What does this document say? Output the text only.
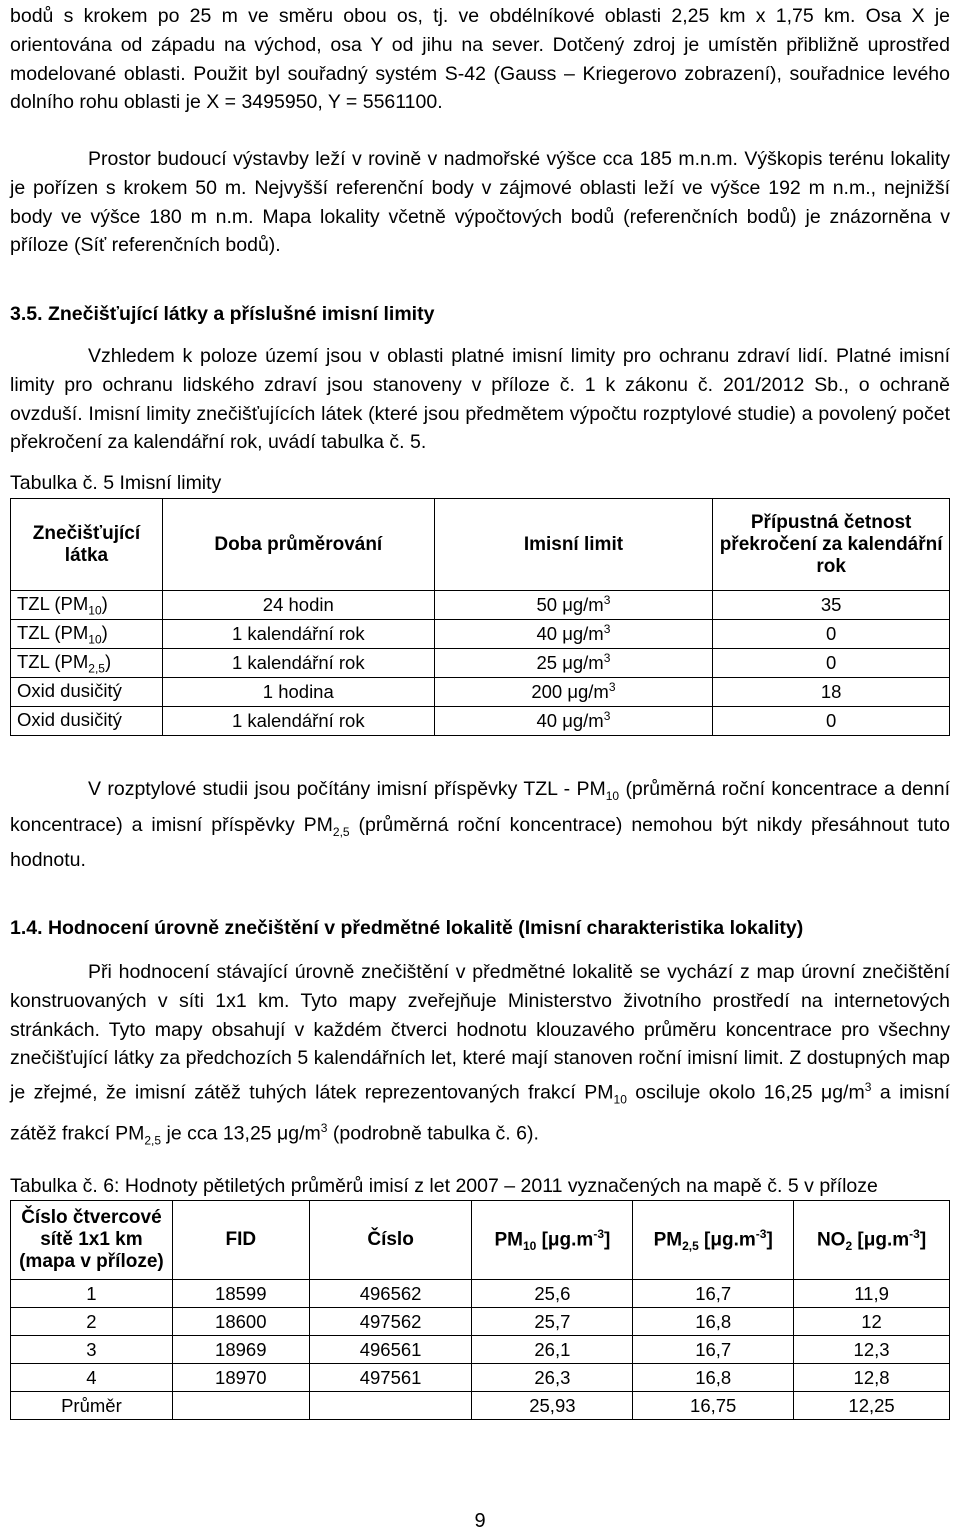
bodů s krokem po 25 m ve směru obou os, tj. ve obdélníkové oblasti 2,25 km x 1,75 km. Osa X je orientována od západu na východ, osa Y od jihu na sever. Dotčený zdroj je umístěn přibližně uprostřed modelované oblasti. Použit byl souřadný systém S-42 (Gauss – Kriegerovo zobrazení), souřadnice levého dolního rohu oblasti je X = 3495950, Y = 5561100.
Prostor budoucí výstavby leží v rovině v nadmořské výšce cca 185 m.n.m. Výškopis terénu lokality je pořízen s krokem 50 m. Nejvyšší referenční body v zájmové oblasti leží ve výšce 192 m n.m., nejnižší body ve výšce 180 m n.m. Mapa lokality včetně výpočtových bodů (referenčních bodů) je znázorněna v příloze (Síť referenčních bodů).
3.5. Znečišťující látky a příslušné imisní limity
Vzhledem k poloze území jsou v oblasti platné imisní limity pro ochranu zdraví lidí. Platné imisní limity pro ochranu lidského zdraví jsou stanoveny v příloze č. 1 k zákonu č. 201/2012 Sb., o ochraně ovzduší. Imisní limity znečišťujících látek (které jsou předmětem výpočtu rozptylové studie) a povolený počet překročení za kalendářní rok, uvádí tabulka č. 5.
Tabulka č. 5 Imisní limity
Znečišťující látka	Doba průměrování	Imisní limit	Přípustná četnost překročení za kalendářní rok
TZL $(PM_{10})$	24 hodin	50 $\mu g/m^3$	35
TZL $(PM_{10})$	1 kalendářní rok	40 $\mu g/m^3$	0
TZL $(PM_{2,5})$	1 kalendářní rok	25 $\mu g/m^3$	0
Oxid dusičitý	1 hodina	200 $\mu g/m^3$	18
Oxid dusičitý	1 kalendářní rok	40 $\mu g/m^3$	0
V rozptylové studii jsou počítány imisní příspěvky TZL - $PM_{10}$ (průměrná roční koncentrace a denní koncentrace) a imisní příspěvky $PM_{2,5}$ (průměrná roční koncentrace) nemohou být nikdy přesáhnout tuto hodnotu.
1.4. Hodnocení úrovně znečištění v předmětné lokalitě (Imisní charakteristika lokality)
Při hodnocení stávající úrovně znečištění v předmětné lokalitě se vychází z map úrovní znečištění konstruovaných v síti 1x1 km. Tyto mapy zveřejňuje Ministerstvo životního prostředí na internetových stránkách. Tyto mapy obsahují v každém čtverci hodnotu klouzavého průměru koncentrace pro všechny znečišťující látky za předchozích 5 kalendářních let, které mají stanoven roční imisní limit. Z dostupných map je zřejmé, že imisní zátěž tuhých látek reprezentovaných frakcí $PM_{10}$ osciluje okolo 16,25 $\mu g/m^3$ a imisní zátěž frakcí $PM_{2,5}$ je cca 13,25 $\mu g/m^3$ (podrobně tabulka č. 6).
Tabulka č. 6: Hodnoty pětiletých průměrů imisí z let 2007 – 2011 vyznačených na mapě č. 5 v příloze
Číslo čtvercové sítě 1x1 km (mapa v příloze)	FID	Číslo	$PM_{10}$ $[\mu g.m^{-3}]$	$PM_{2,5}$ $[\mu g.m^{-3}]$	$NO_2$ $[\mu g.m^{-3}]$
1	18599	496562	25,6	16,7	11,9
2	18600	497562	25,7	16,8	12
3	18969	496561	26,1	16,7	12,3
4	18970	497561	26,3	16,8	12,8
Průměr			25,93	16,75	12,25
9
